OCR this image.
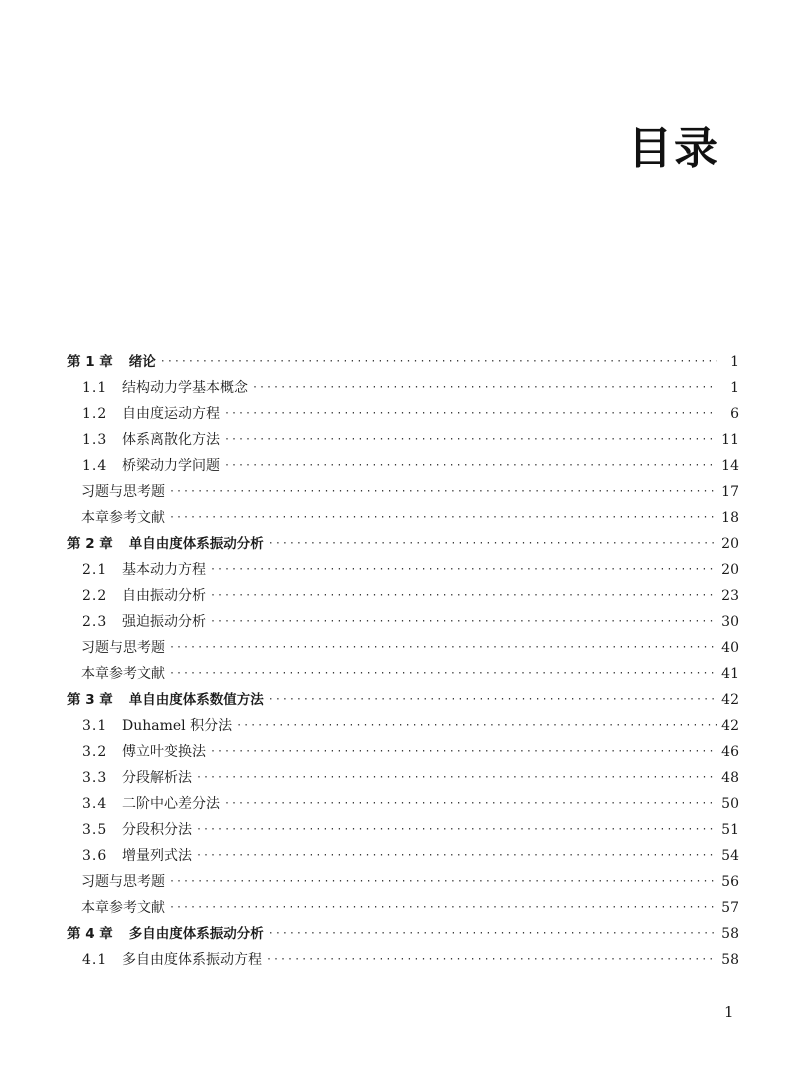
目录
第 1 章 绪论 ·····	1
1.1 结构动力学基本概念 ·····	1
1.2 自由度运动方程 ·····	6
1.3 体系离散化方法 ·····	11
1.4 桥梁动力学问题 ·····	14
习题与思考题 ·····	17
本章参考文献 ·····	18
第 2 章 单自由度体系振动分析 ·····	20
2.1 基本动力方程 ·····	20
2.2 自由振动分析 ·····	23
2.3 强迫振动分析 ·····	30
习题与思考题 ·····	40
本章参考文献 ·····	41
第 3 章 单自由度体系数值方法 ·····	42
3.1 Duhamel 积分法 ·····	42
3.2 傅立叶变换法 ·····	46
3.3 分段解析法 ·····	48
3.4 二阶中心差分法 ·····	50
3.5 分段积分法 ·····	51
3.6 增量列式法 ·····	54
习题与思考题 ·····	56
本章参考文献 ·····	57
第 4 章 多自由度体系振动分析 ·····	58
4.1 多自由度体系振动方程 ·····	58
1
